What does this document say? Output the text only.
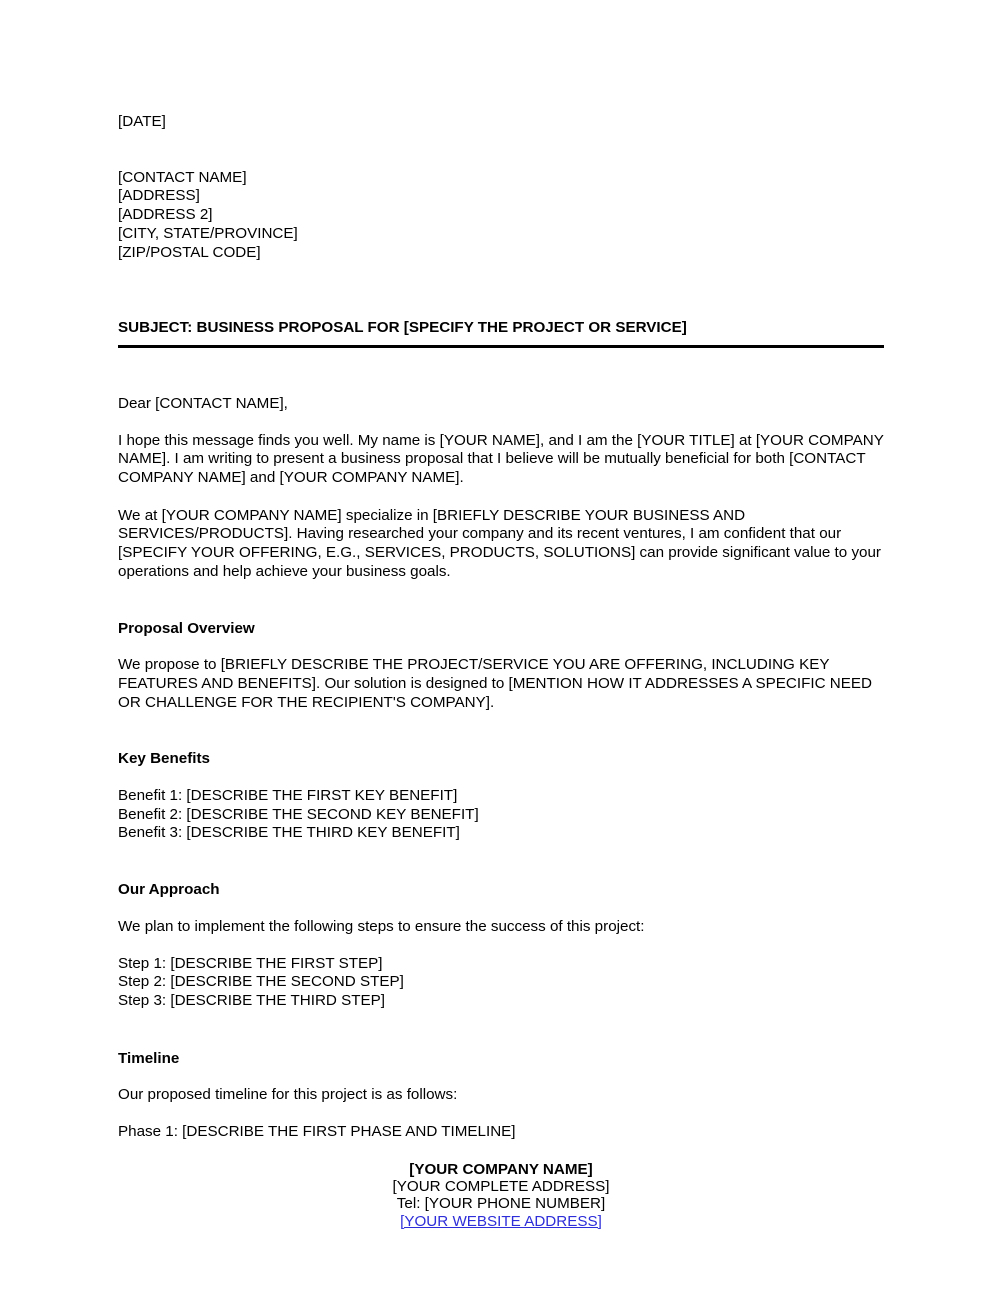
[DATE]
[CONTACT NAME]
[ADDRESS]
[ADDRESS 2]
[CITY, STATE/PROVINCE]
[ZIP/POSTAL CODE]
SUBJECT: BUSINESS PROPOSAL FOR [SPECIFY THE PROJECT OR SERVICE]
Dear [CONTACT NAME],
I hope this message finds you well. My name is [YOUR NAME], and I am the [YOUR TITLE] at [YOUR COMPANY NAME]. I am writing to present a business proposal that I believe will be mutually beneficial for both [CONTACT COMPANY NAME] and [YOUR COMPANY NAME].
We at [YOUR COMPANY NAME] specialize in [BRIEFLY DESCRIBE YOUR BUSINESS AND SERVICES/PRODUCTS]. Having researched your company and its recent ventures, I am confident that our [SPECIFY YOUR OFFERING, E.G., SERVICES, PRODUCTS, SOLUTIONS] can provide significant value to your operations and help achieve your business goals.
Proposal Overview
We propose to [BRIEFLY DESCRIBE THE PROJECT/SERVICE YOU ARE OFFERING, INCLUDING KEY FEATURES AND BENEFITS]. Our solution is designed to [MENTION HOW IT ADDRESSES A SPECIFIC NEED OR CHALLENGE FOR THE RECIPIENT'S COMPANY].
Key Benefits
Benefit 1: [DESCRIBE THE FIRST KEY BENEFIT]
Benefit 2: [DESCRIBE THE SECOND KEY BENEFIT]
Benefit 3: [DESCRIBE THE THIRD KEY BENEFIT]
Our Approach
We plan to implement the following steps to ensure the success of this project:
Step 1: [DESCRIBE THE FIRST STEP]
Step 2: [DESCRIBE THE SECOND STEP]
Step 3: [DESCRIBE THE THIRD STEP]
Timeline
Our proposed timeline for this project is as follows:
Phase 1: [DESCRIBE THE FIRST PHASE AND TIMELINE]
[YOUR COMPANY NAME]
[YOUR COMPLETE ADDRESS]
Tel: [YOUR PHONE NUMBER]
[YOUR WEBSITE ADDRESS]
